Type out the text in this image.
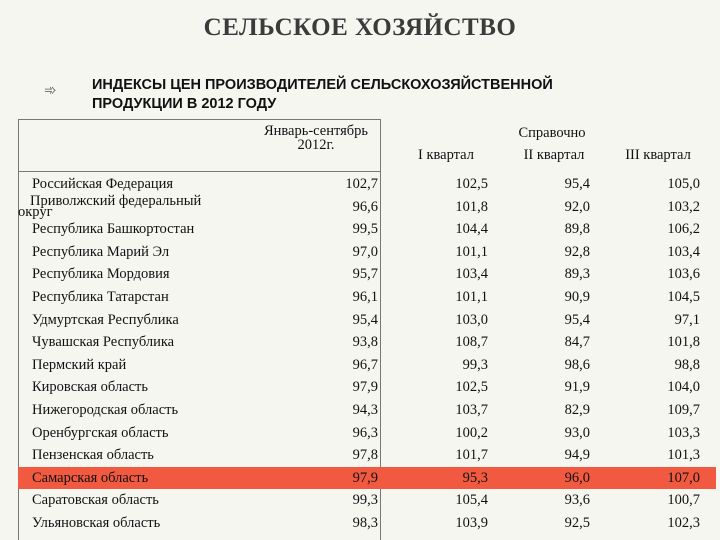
СЕЛЬСКОЕ ХОЗЯЙСТВО
➾ ИНДЕКСЫ ЦЕН ПРОИЗВОДИТЕЛЕЙ СЕЛЬСКОХОЗЯЙСТВЕННОЙ
ПРОДУКЦИИ В 2012 ГОДУ
Январь-сентябрь
2012г.
Справочно
I квартал	II квартал	III квартал
Российская Федерация	102,7	102,5	95,4	105,0
Приволжский федеральный
округ	96,6	101,8	92,0	103,2
Республика Башкортостан	99,5	104,4	89,8	106,2
Республика Марий Эл	97,0	101,1	92,8	103,4
Республика Мордовия	95,7	103,4	89,3	103,6
Республика Татарстан	96,1	101,1	90,9	104,5
Удмуртская Республика	95,4	103,0	95,4	97,1
Чувашская Республика	93,8	108,7	84,7	101,8
Пермский край	96,7	99,3	98,6	98,8
Кировская область	97,9	102,5	91,9	104,0
Нижегородская область	94,3	103,7	82,9	109,7
Оренбургская область	96,3	100,2	93,0	103,3
Пензенская область	97,8	101,7	94,9	101,3
Самарская область	97,9	95,3	96,0	107,0
Саратовская область	99,3	105,4	93,6	100,7
Ульяновская область	98,3	103,9	92,5	102,3
